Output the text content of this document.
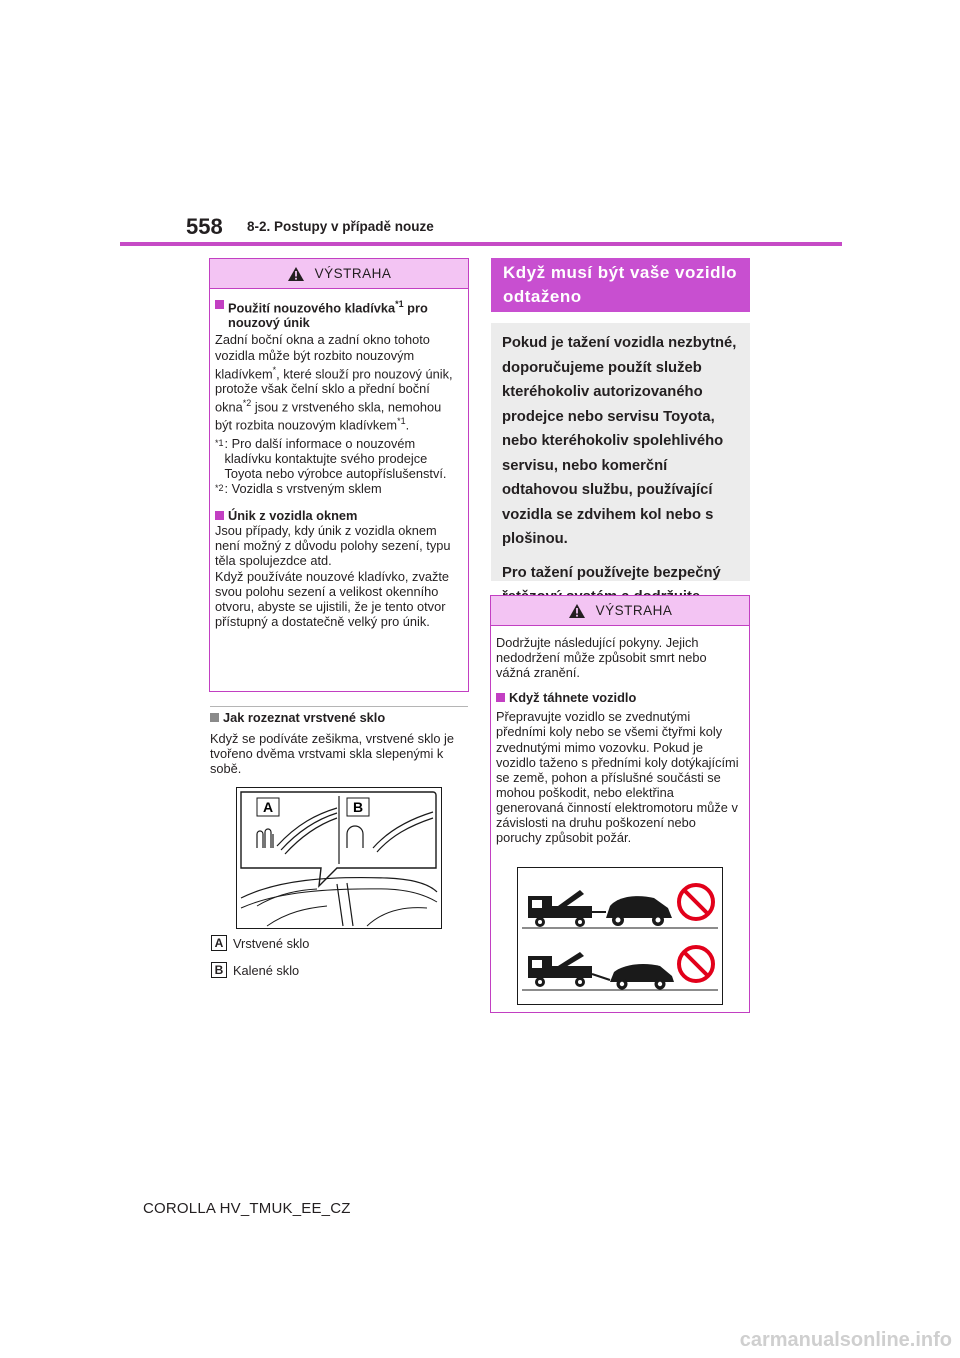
558 8-2. Postupy v případě nouze
VÝSTRAHA
Použití nouzového kladívka$^{*1}$ pro nouzový únik

Zadní boční okna a zadní okno tohoto vozidla může být rozbito nouzovým kladívkem*, které slouží pro nouzový únik, protože však čelní sklo a přední boční okna$^{*2}$ jsou z vrstveného skla, nemohou být rozbita nouzovým kladívkem$^{*1}$.

*1 : Pro další informace o nouzovém kladívku kontaktujte svého prodejce Toyota nebo výrobce autopříslušenství.
*2 : Vozidla s vrstveným sklem
Únik z vozidla oknem

Jsou případy, kdy únik z vozidla oknem není možný z důvodu polohy sezení, typu těla spolujezdce atd.

Když používáte nouzové kladívko, zvažte svou polohu sezení a velikost okenního otvoru, abyste se ujistili, že je tento otvor přístupný a dostatečně velký pro únik.

Jak rozeznat vrstvené sklo

Když se podíváte zešikma, vrstvené sklo je tvořeno dvěma vrstvami skla slepenými k sobě.

A	B
A Vrstvené sklo
B Kalené sklo
Když musí být vaše vozidlo odtaženo

Pokud je tažení vozidla nezbytné, doporučujeme použít služeb kteréhokoliv autorizovaného prodejce nebo servisu Toyota, nebo kteréhokoliv spolehlivého servisu, nebo komerční odtahovou službu, používající vozidla se zdvihem kol nebo s plošinou.

Pro tažení používejte bezpečný

VÝSTRAHA

Dodržujte následující pokyny. Jejich nedodržení může způsobit smrt nebo vážná zranění.

Když táhnete vozidlo

Přepravujte vozidlo se zvednutými předními koly nebo se všemi čtyřmi koly zvednutými mimo vozovku. Pokud je vozidlo taženo s předními koly dotýkajícími se země, pohon a příslušné součásti se mohou poškodit, nebo elektřina generovaná činností elektromotoru může v závislosti na druhu poškození nebo poruchy způsobit požár.

COROLLA HV_TMUK_EE_CZ
carmanualsonline.info
